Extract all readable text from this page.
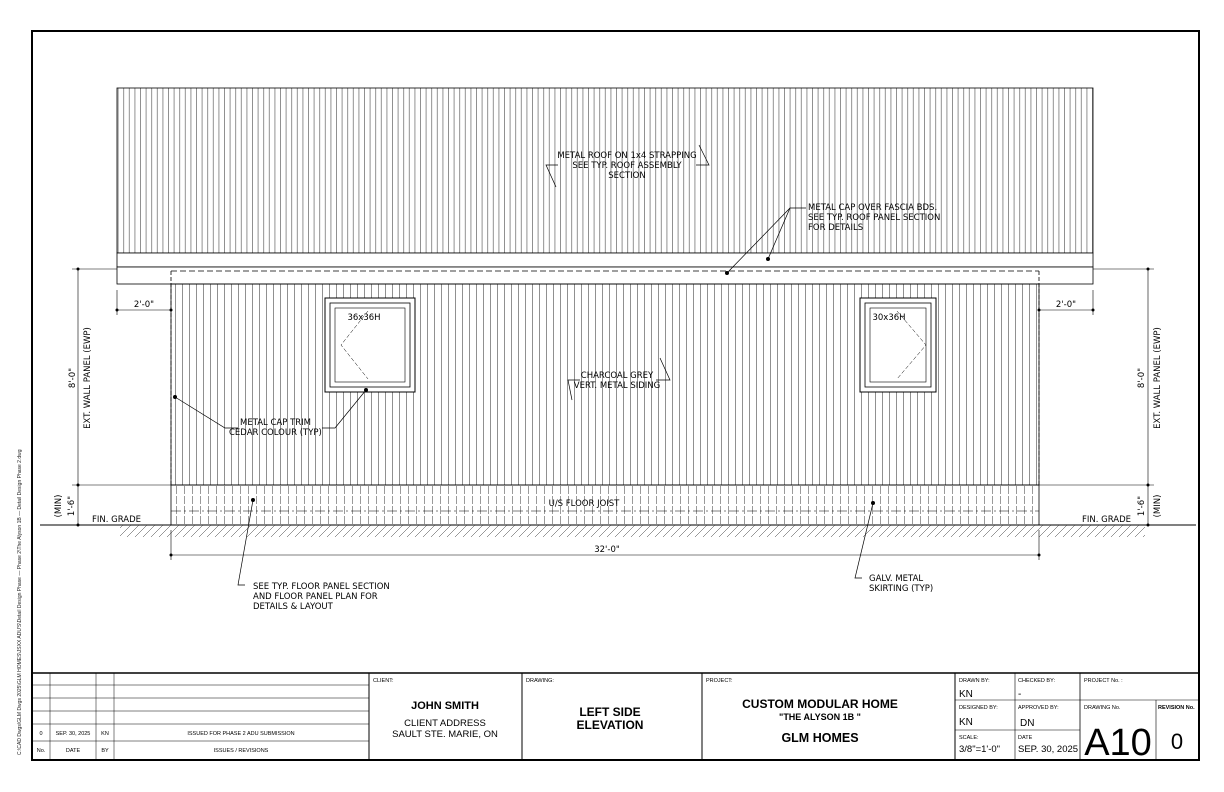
METAL ROOF ON 1x4 STRAPPING
SEE TYP. ROOF ASSEMBLY
SECTION
CHARCOAL GREY
VERT. METAL SIDING
U/S FLOOR JOIST
32'-0"
2'-0"	2'-0"
36x36H	30x36H
METAL CAP OVER FASCIA BDS.
SEE TYP. ROOF PANEL SECTION
FOR DETAILS
METAL CAP TRIM
CEDAR COLOUR (TYP)
SEE TYP. FLOOR PANEL SECTION
AND FLOOR PANEL PLAN FOR
DETAILS & LAYOUT
GALV. METAL
SKIRTING (TYP)
FIN. GRADE	FIN. GRADE
8'-0" EXT. WALL PANEL (EWP)
(MIN) 1'-6"
8'-0" EXT. WALL PANEL (EWP)
1'-6" (MIN)
0 SEP. 30, 2025 KN	ISSUED FOR PHASE 2 ADU SUBMISSION
No.	DATE	BY	ISSUES / REVISIONS
CLIENT:
JOHN SMITH
CLIENT ADDRESS
SAULT STE. MARIE, ON
DRAWING:
LEFT SIDE
ELEVATION
PROJECT:
CUSTOM MODULAR HOME
"THE ALYSON 1B "
GLM HOMES
DRAWN BY:
KN
CHECKED BY:
-
PROJECT No. :
DESIGNED BY:
KN
APPROVED BY:
DN
SCALE:
3/8"=1'-0"
DATE
SEP. 30, 2025
DRAWING No.
A10
REVISION No.
0
C:\CAD Dwgs\GLM Dwgs 2025\GLM HOMES\JSXX ADU'S\Detail Design Phase — Phase 2\The Alyson 1B — Detail Design Phase 2.dwg
